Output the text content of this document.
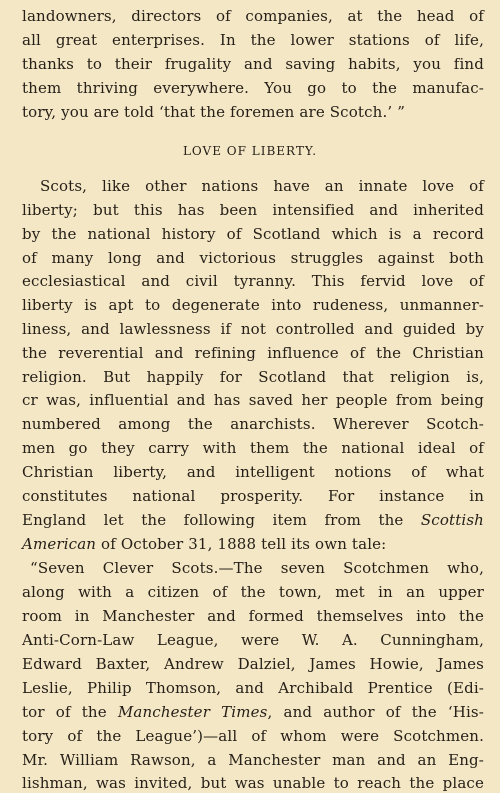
landowners, directors of companies, at the head of
all great enterprises. In the lower stations of life,
thanks to their frugality and saving habits, you find
them thriving everywhere. You go to the manufac-
tory, you are told ‘that the foremen are Scotch.’ ”
LOVE OF LIBERTY.
Scots, like other nations have an innate love of
liberty; but this has been intensified and inherited
by the national history of Scotland which is a record
of many long and victorious struggles against both
ecclesiastical and civil tyranny. This fervid love of
liberty is apt to degenerate into rudeness, unmanner-
liness, and lawlessness if not controlled and guided by
the reverential and refining influence of the Christian
religion. But happily for Scotland that religion is,
cr was, influential and has saved her people from being
numbered among the anarchists. Wherever Scotch-
men go they carry with them the national ideal of
Christian liberty, and intelligent notions of what
constitutes national prosperity. For instance in
England let the following item from the Scottish
American of October 31, 1888 tell its own tale:
“Seven Clever Scots.—The seven Scotchmen who,
along with a citizen of the town, met in an upper
room in Manchester and formed themselves into the
Anti-Corn-Law League, were W. A. Cunningham,
Edward Baxter, Andrew Dalziel, James Howie, James
Leslie, Philip Thomson, and Archibald Prentice (Edi-
tor of the Manchester Times, and author of the ‘His-
tory of the League’)—all of whom were Scotchmen.
Mr. William Rawson, a Manchester man and an Eng-
lishman, was invited, but was unable to reach the place
